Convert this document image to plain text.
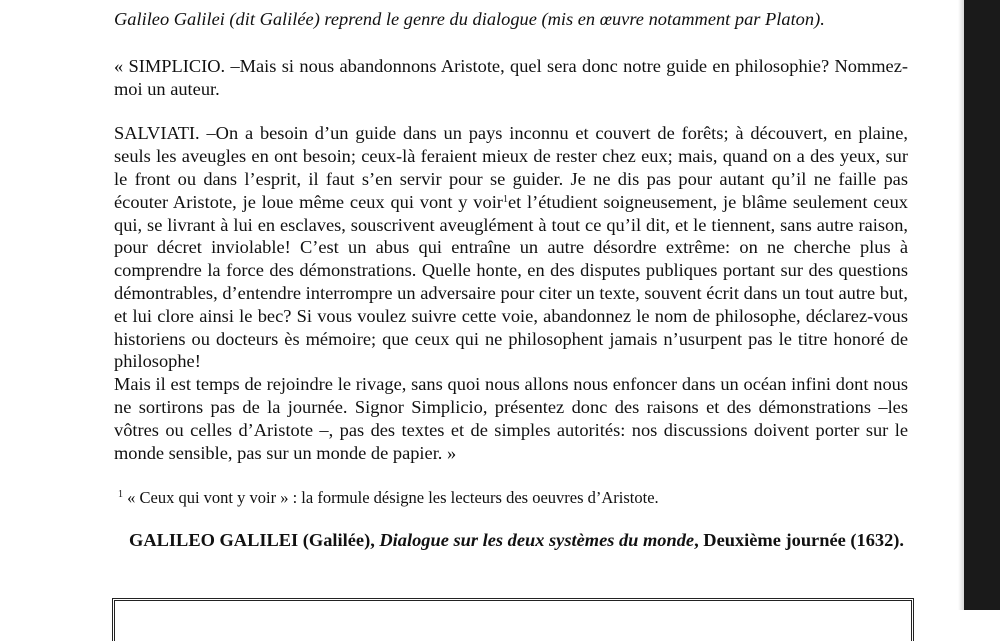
Galileo Galilei (dit Galilée) reprend le genre du dialogue (mis en œuvre notamment par Platon).

« SIMPLICIO. –Mais si nous abandonnons Aristote, quel sera donc notre guide en philosophie? Nommez-moi un auteur.

SALVIATI. –On a besoin d’un guide dans un pays inconnu et couvert de forêts; à découvert, en plaine, seuls les aveugles en ont besoin; ceux-là feraient mieux de rester chez eux; mais, quand on a des yeux, sur le front ou dans l’esprit, il faut s’en servir pour se guider. Je ne dis pas pour autant qu’il ne faille pas écouter Aristote, je loue même ceux qui vont y voir$^1$et l’étudient soigneusement, je blâme seulement ceux qui, se livrant à lui en esclaves, souscrivent aveuglément à tout ce qu’il dit, et le tiennent, sans autre raison, pour décret inviolable! C’est un abus qui entraîne un autre désordre extrême: on ne cherche plus à comprendre la force des démonstrations. Quelle honte, en des disputes publiques portant sur des questions démontrables, d’entendre interrompre un adversaire pour citer un texte, souvent écrit dans un tout autre but, et lui clore ainsi le bec? Si vous voulez suivre cette voie, abandonnez le nom de philosophe, déclarez-vous historiens ou docteurs ès mémoire; que ceux qui ne philosophent jamais n’usurpent pas le titre honoré de philosophe!

Mais il est temps de rejoindre le rivage, sans quoi nous allons nous enfoncer dans un océan infini dont nous ne sortirons pas de la journée. Signor Simplicio, présentez donc des raisons et des démonstrations –les vôtres ou celles d’Aristote –, pas des textes et de simples autorités: nos discussions doivent porter sur le monde sensible, pas sur un monde de papier. »

$^1$ « Ceux qui vont y voir » : la formule désigne les lecteurs des oeuvres d’Aristote.

GALILEO GALILEI (Galilée), Dialogue sur les deux systèmes du monde, Deuxième journée (1632).
